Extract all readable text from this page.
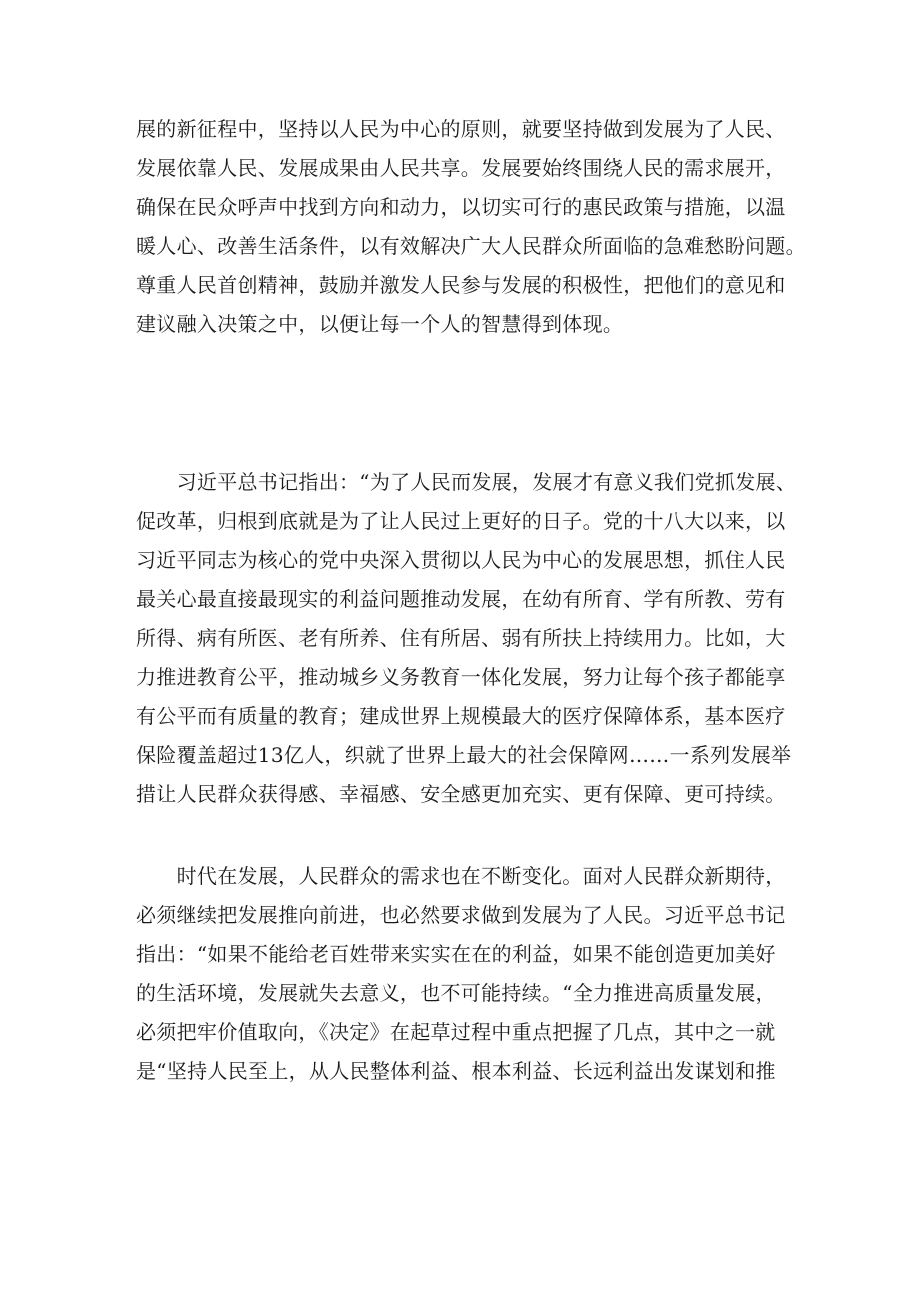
展的新征程中，坚持以人民为中心的原则，就要坚持做到发展为了人民、
发展依靠人民、发展成果由人民共享。发展要始终围绕人民的需求展开，
确保在民众呼声中找到方向和动力，以切实可行的惠民政策与措施，以温
暖人心、改善生活条件，以有效解决广大人民群众所面临的急难愁盼问题。
尊重人民首创精神，鼓励并激发人民参与发展的积极性，把他们的意见和
建议融入决策之中，以便让每一个人的智慧得到体现。
　　习近平总书记指出：“为了人民而发展，发展才有意义我们党抓发展、
促改革，归根到底就是为了让人民过上更好的日子。党的十八大以来，以
习近平同志为核心的党中央深入贯彻以人民为中心的发展思想，抓住人民
最关心最直接最现实的利益问题推动发展，在幼有所育、学有所教、劳有
所得、病有所医、老有所养、住有所居、弱有所扶上持续用力。比如，大
力推进教育公平，推动城乡义务教育一体化发展，努力让每个孩子都能享
有公平而有质量的教育；建成世界上规模最大的医疗保障体系，基本医疗
保险覆盖超过13亿人，织就了世界上最大的社会保障网……一系列发展举
措让人民群众获得感、幸福感、安全感更加充实、更有保障、更可持续。
　　时代在发展，人民群众的需求也在不断变化。面对人民群众新期待，
必须继续把发展推向前进，也必然要求做到发展为了人民。习近平总书记
指出：“如果不能给老百姓带来实实在在的利益，如果不能创造更加美好
的生活环境，发展就失去意义，也不可能持续。“全力推进高质量发展，
必须把牢价值取向，《决定》在起草过程中重点把握了几点，其中之一就
是“坚持人民至上，从人民整体利益、根本利益、长远利益出发谋划和推
